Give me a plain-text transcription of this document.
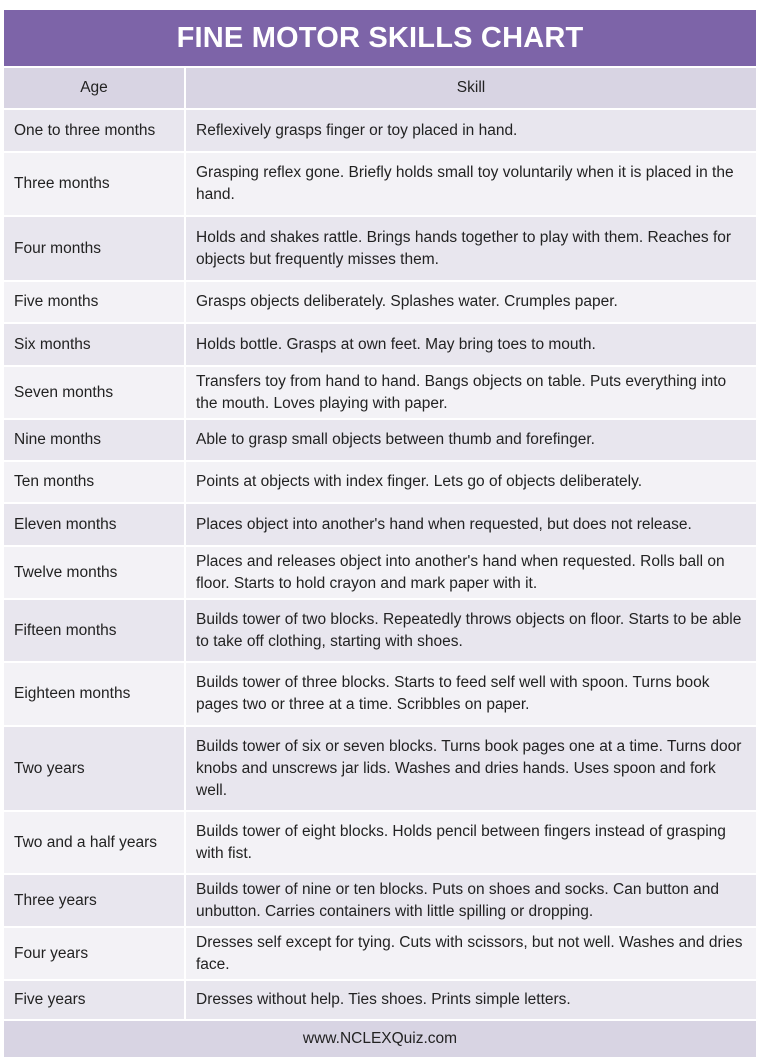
FINE MOTOR SKILLS CHART
Age	Skill
One to three months	Reflexively grasps finger or toy placed in hand.
Three months	Grasping reflex gone. Briefly holds small toy voluntarily when it is placed in the hand.
Four months	Holds and shakes rattle. Brings hands together to play with them. Reaches for objects but frequently misses them.
Five months	Grasps objects deliberately. Splashes water. Crumples paper.
Six months	Holds bottle. Grasps at own feet. May bring toes to mouth.
Seven months	Transfers toy from hand to hand. Bangs objects on table. Puts everything into the mouth. Loves playing with paper.
Nine months	Able to grasp small objects between thumb and forefinger.
Ten months	Points at objects with index finger. Lets go of objects deliberately.
Eleven months	Places object into another's hand when requested, but does not release.
Twelve months	Places and releases object into another's hand when requested. Rolls ball on floor. Starts to hold crayon and mark paper with it.
Fifteen months	Builds tower of two blocks. Repeatedly throws objects on floor. Starts to be able to take off clothing, starting with shoes.
Eighteen months	Builds tower of three blocks. Starts to feed self well with spoon. Turns book pages two or three at a time. Scribbles on paper.
Two years	Builds tower of six or seven blocks. Turns book pages one at a time. Turns door knobs and unscrews jar lids. Washes and dries hands. Uses spoon and fork well.
Two and a half years	Builds tower of eight blocks. Holds pencil between fingers instead of grasping with fist.
Three years	Builds tower of nine or ten blocks. Puts on shoes and socks. Can button and unbutton. Carries containers with little spilling or dropping.
Four years	Dresses self except for tying. Cuts with scissors, but not well. Washes and dries face.
Five years	Dresses without help. Ties shoes. Prints simple letters.
www.NCLEXQuiz.com
